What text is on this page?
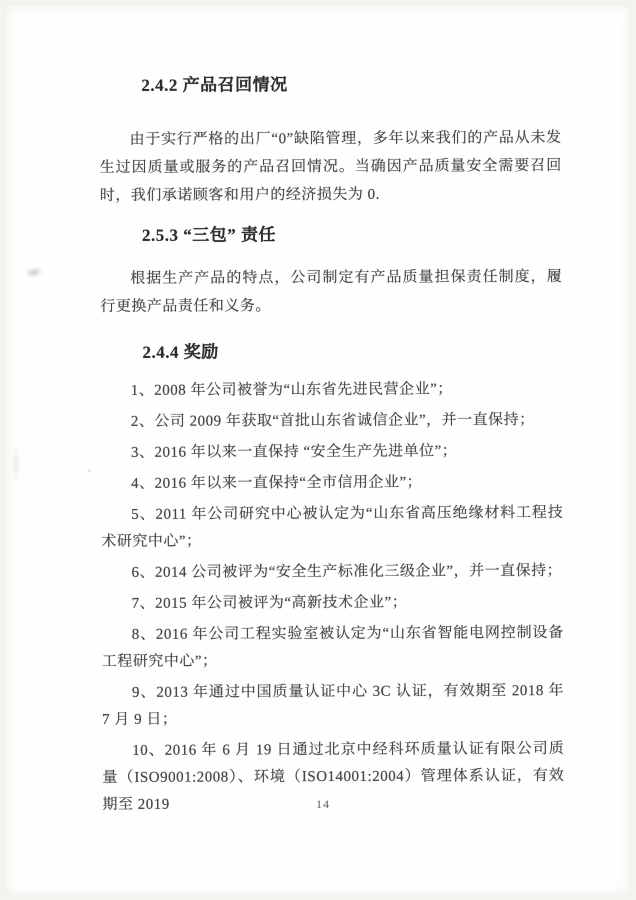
2.4.2 产品召回情况

由于实行严格的出厂“0”缺陷管理，多年以来我们的产品从未发生过因质量或服务的产品召回情况。当确因产品质量安全需要召回时，我们承诺顾客和用户的经济损失为 0.

2.5.3 “三包” 责任

根据生产产品的特点，公司制定有产品质量担保责任制度，履行更换产品责任和义务。

2.4.4 奖励

1、2008 年公司被誉为“山东省先进民营企业”；

2、公司 2009 年获取“首批山东省诚信企业”，并一直保持；

3、2016 年以来一直保持 “安全生产先进单位”；

4、2016 年以来一直保持“全市信用企业”；

5、2011 年公司研究中心被认定为“山东省高压绝缘材料工程技术研究中心”；

6、2014 公司被评为“安全生产标准化三级企业”，并一直保持；

7、2015 年公司被评为“高新技术企业”；

8、2016 年公司工程实验室被认定为“山东省智能电网控制设备工程研究中心”；

9、2013 年通过中国质量认证中心 3C 认证，有效期至 2018 年 7 月 9 日；

10、2016 年 6 月 19 日通过北京中经科环质量认证有限公司质量（ISO9001:2008）、环境（ISO14001:2004）管理体系认证，有效期至 2019	14
